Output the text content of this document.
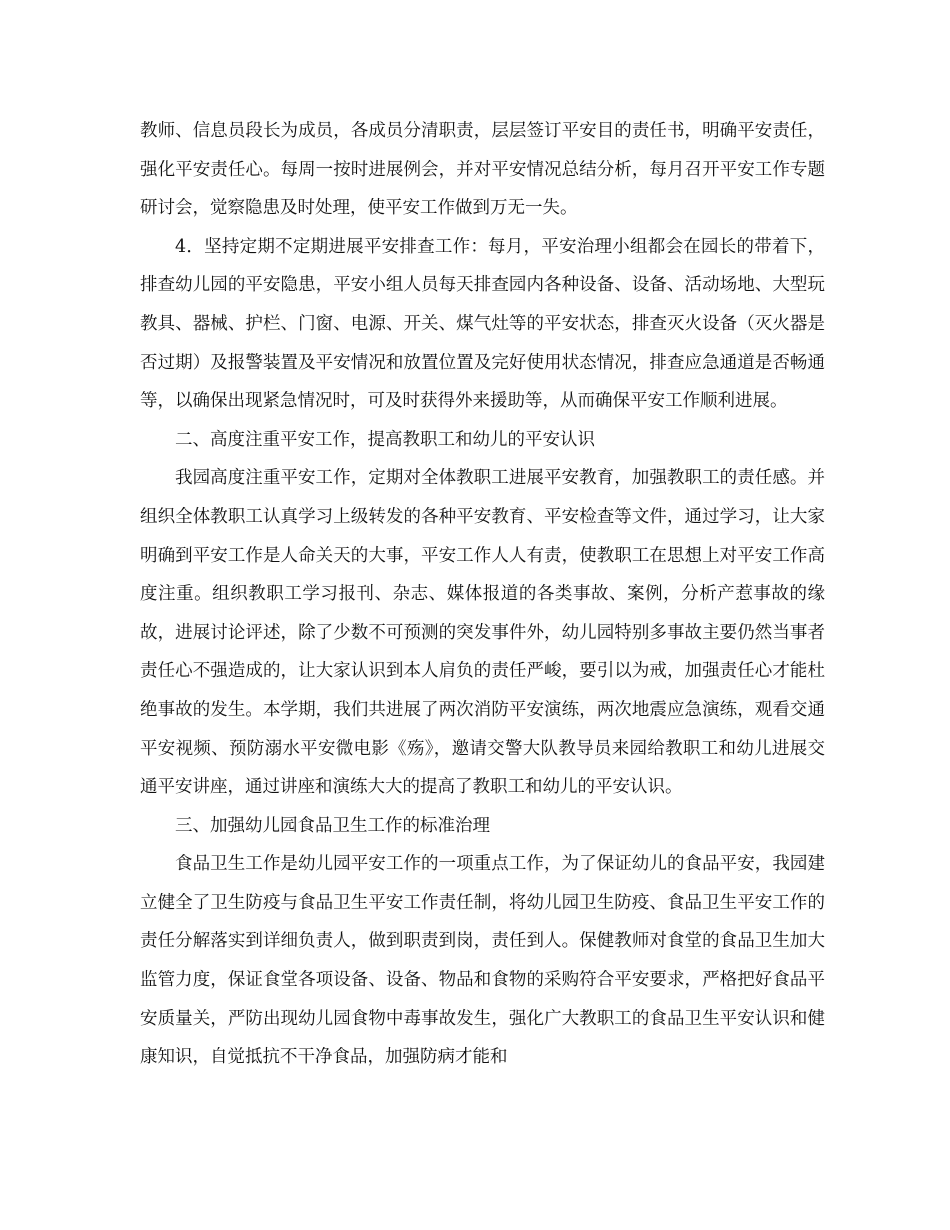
教师、信息员段长为成员，各成员分清职责，层层签订平安目的责任书，明确平安责任，强化平安责任心。每周一按时进展例会，并对平安情况总结分析，每月召开平安工作专题研讨会，觉察隐患及时处理，使平安工作做到万无一失。

4．坚持定期不定期进展平安排查工作：每月，平安治理小组都会在园长的带着下，排查幼儿园的平安隐患，平安小组人员每天排查园内各种设备、设备、活动场地、大型玩教具、器械、护栏、门窗、电源、开关、煤气灶等的平安状态，排查灭火设备（灭火器是否过期）及报警装置及平安情况和放置位置及完好使用状态情况，排查应急通道是否畅通等，以确保出现紧急情况时，可及时获得外来援助等，从而确保平安工作顺利进展。

二、高度注重平安工作，提高教职工和幼儿的平安认识

我园高度注重平安工作，定期对全体教职工进展平安教育，加强教职工的责任感。并组织全体教职工认真学习上级转发的各种平安教育、平安检查等文件，通过学习，让大家明确到平安工作是人命关天的大事，平安工作人人有责，使教职工在思想上对平安工作高度注重。组织教职工学习报刊、杂志、媒体报道的各类事故、案例，分析产惹事故的缘故，进展讨论评述，除了少数不可预测的突发事件外，幼儿园特别多事故主要仍然当事者责任心不强造成的，让大家认识到本人肩负的责任严峻，要引以为戒，加强责任心才能杜绝事故的发生。本学期，我们共进展了两次消防平安演练，两次地震应急演练，观看交通平安视频、预防溺水平安微电影《殇》，邀请交警大队教导员来园给教职工和幼儿进展交通平安讲座，通过讲座和演练大大的提高了教职工和幼儿的平安认识。

三、加强幼儿园食品卫生工作的标准治理

食品卫生工作是幼儿园平安工作的一项重点工作，为了保证幼儿的食品平安，我园建立健全了卫生防疫与食品卫生平安工作责任制，将幼儿园卫生防疫、食品卫生平安工作的责任分解落实到详细负责人，做到职责到岗，责任到人。保健教师对食堂的食品卫生加大监管力度，保证食堂各项设备、设备、物品和食物的采购符合平安要求，严格把好食品平安质量关，严防出现幼儿园食物中毒事故发生，强化广大教职工的食品卫生平安认识和健康知识，自觉抵抗不干净食品，加强防病才能和
